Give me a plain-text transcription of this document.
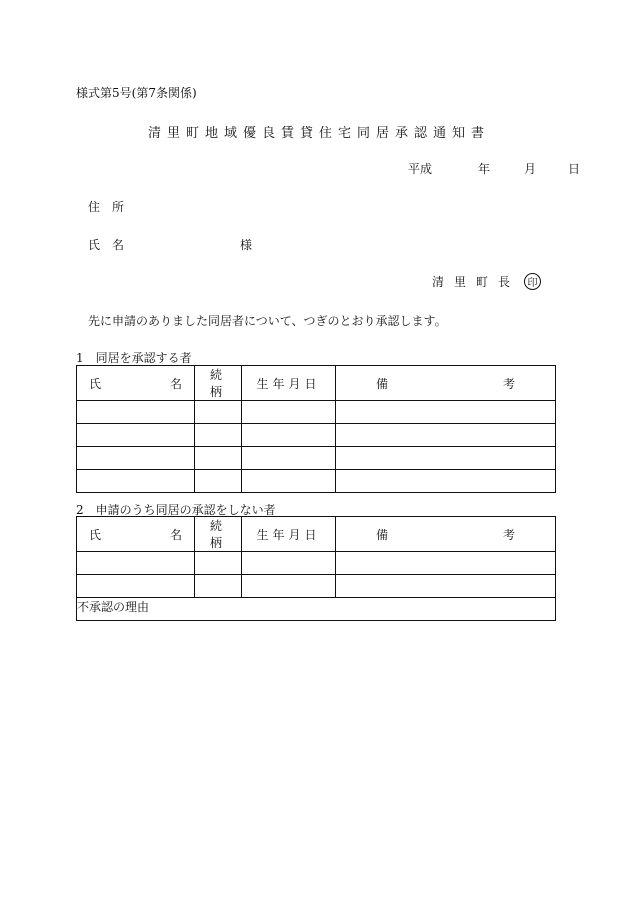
様式第5号(第7条関係)
清里町地域優良賃貸住宅同居承認通知書
平成	年	月	日
住　所
氏　名	様
清里町長 印
先に申請のありました同居者について、つぎのとおり承認します。
1　同居を承認する者
氏 名	続　柄	生年月日	備 考

2　申請のうち同居の承認をしない者
氏 名	続　柄	生年月日	備 考

不承認の理由			
